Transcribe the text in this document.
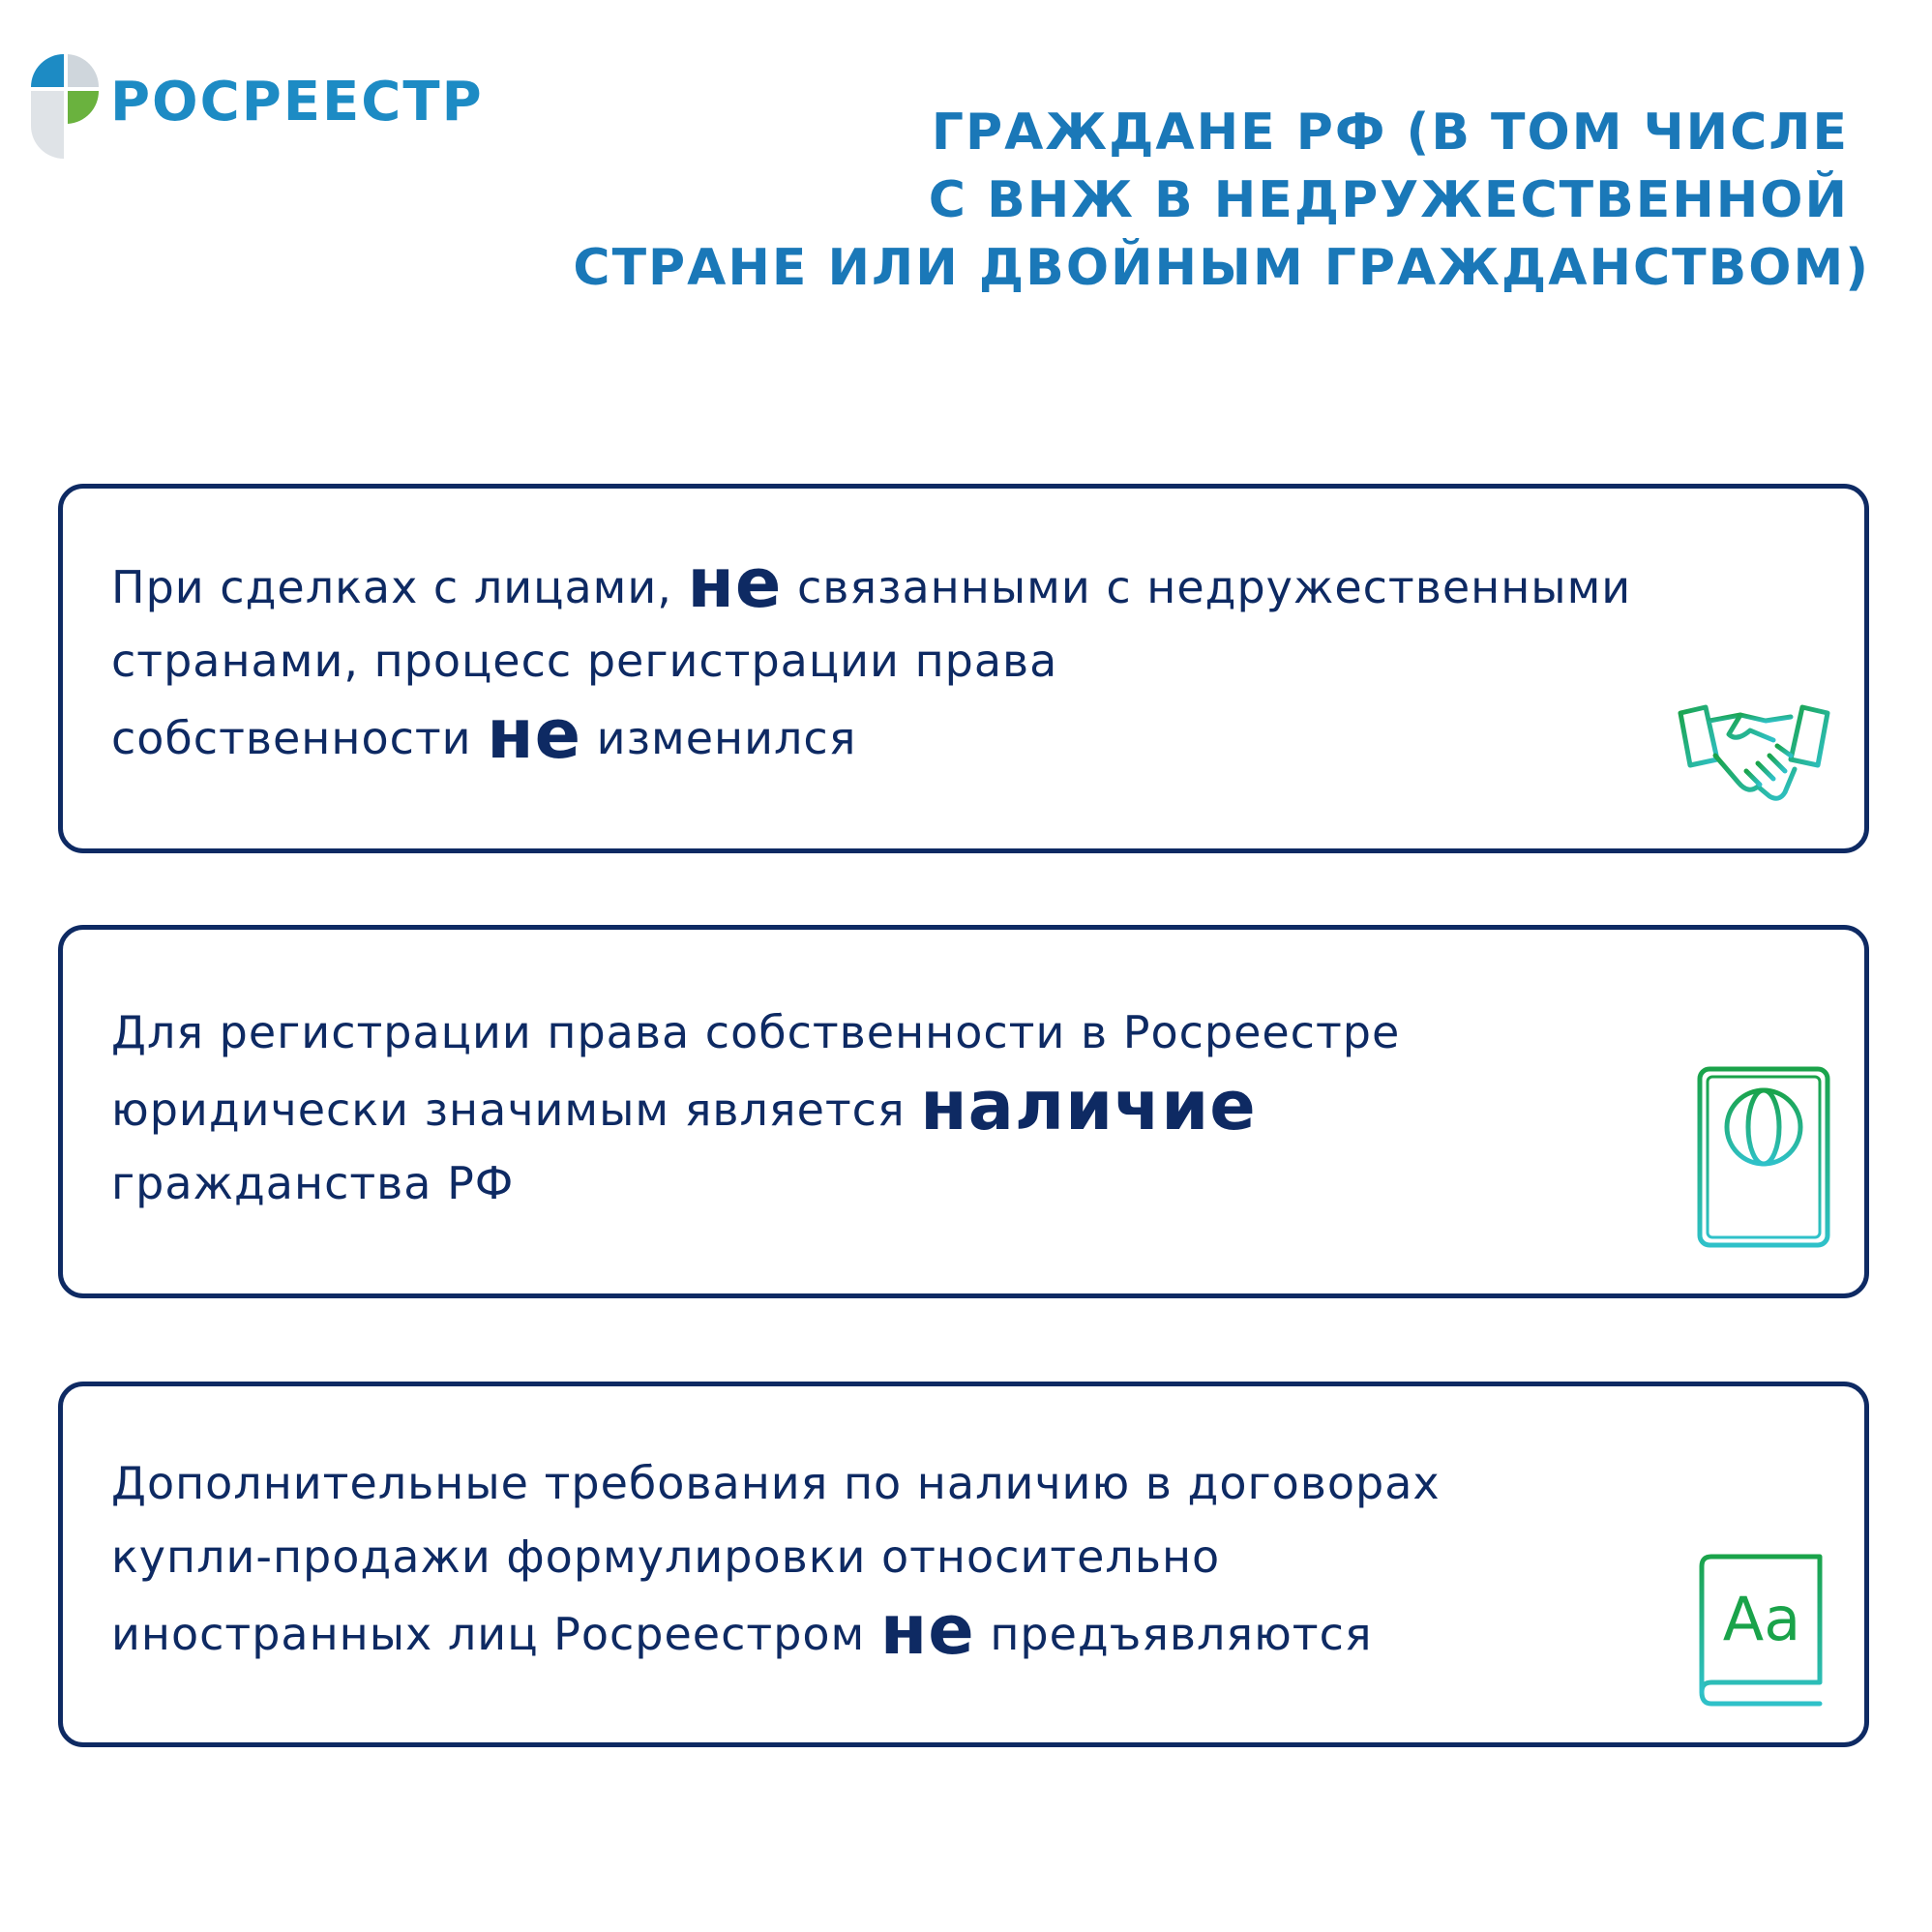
РОСРЕЕСТР	ГРАЖДАНЕ РФ (В ТОМ ЧИСЛЕ
С ВНЖ В НЕДРУЖЕСТВЕННОЙ
СТРАНЕ ИЛИ ДВОЙНЫМ ГРАЖДАНСТВОМ)
При сделках с лицами, не связанными с недружественными
странами, процесс регистрации права
собственности не изменился
Для регистрации права собственности в Росреестре
юридически значимым является наличие
гражданства РФ
Дополнительные требования по наличию в договорах
купли-продажи формулировки относительно
иностранных лиц Росреестром не предъявляются	Aa
